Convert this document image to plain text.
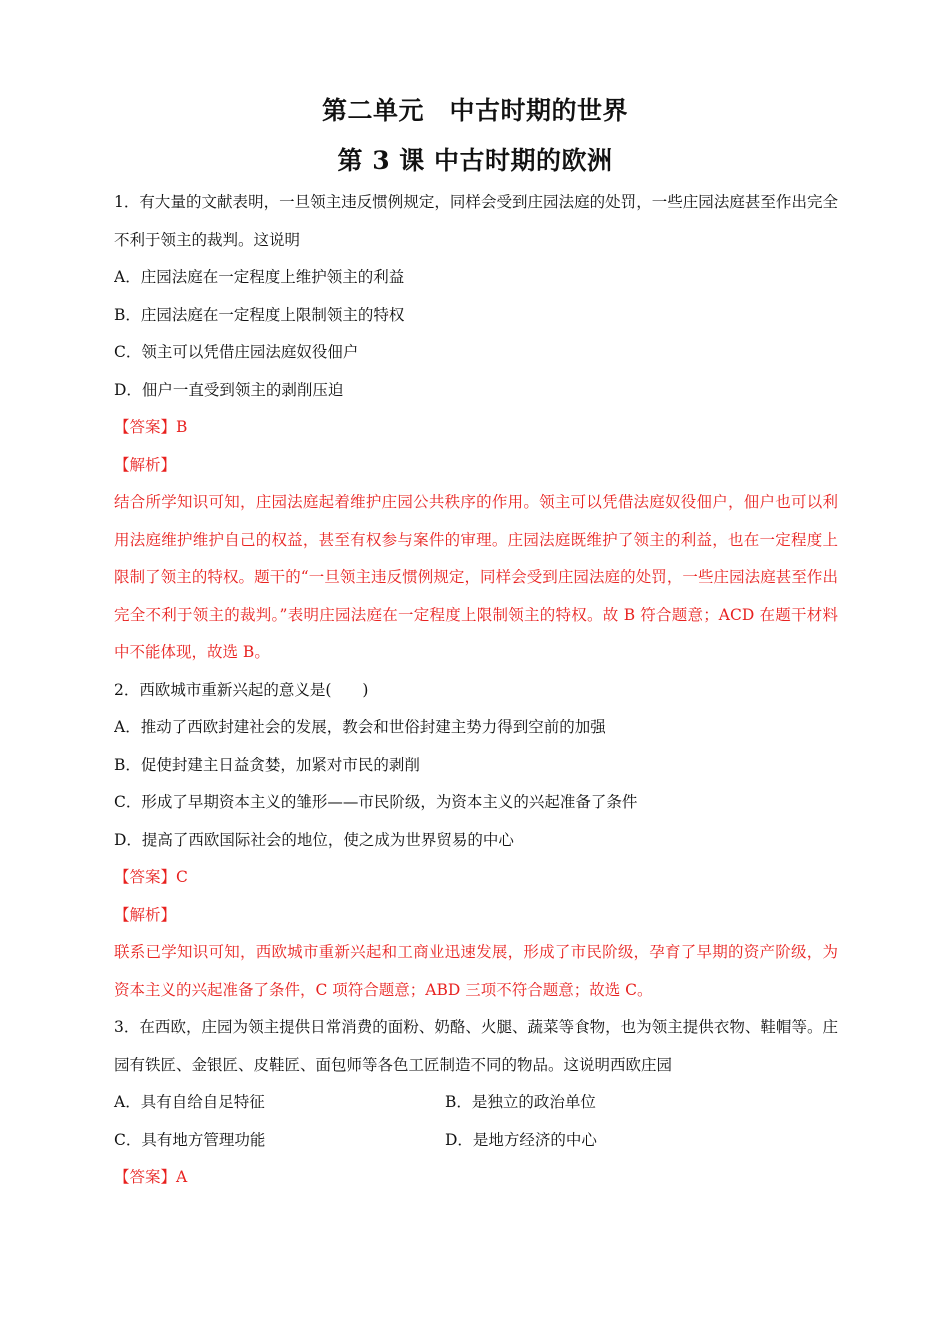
第二单元　中古时期的世界
第 3 课 中古时期的欧洲
1．有大量的文献表明，一旦领主违反惯例规定，同样会受到庄园法庭的处罚，一些庄园法庭甚至作出完全不利于领主的裁判。这说明
A．庄园法庭在一定程度上维护领主的利益
B．庄园法庭在一定程度上限制领主的特权
C．领主可以凭借庄园法庭奴役佃户
D．佃户一直受到领主的剥削压迫
【答案】B
【解析】
结合所学知识可知，庄园法庭起着维护庄园公共秩序的作用。领主可以凭借法庭奴役佃户，佃户也可以利用法庭维护维护自己的权益，甚至有权参与案件的审理。庄园法庭既维护了领主的利益，也在一定程度上限制了领主的特权。题干的“一旦领主违反惯例规定，同样会受到庄园法庭的处罚，一些庄园法庭甚至作出完全不利于领主的裁判。”表明庄园法庭在一定程度上限制领主的特权。故 B 符合题意；ACD 在题干材料中不能体现，故选 B。
2．西欧城市重新兴起的意义是(　　)
A．推动了西欧封建社会的发展，教会和世俗封建主势力得到空前的加强
B．促使封建主日益贪婪，加紧对市民的剥削
C．形成了早期资本主义的雏形——市民阶级，为资本主义的兴起准备了条件
D．提高了西欧国际社会的地位，使之成为世界贸易的中心
【答案】C
【解析】
联系已学知识可知，西欧城市重新兴起和工商业迅速发展，形成了市民阶级，孕育了早期的资产阶级，为资本主义的兴起准备了条件，C 项符合题意；ABD 三项不符合题意；故选 C。
3．在西欧，庄园为领主提供日常消费的面粉、奶酪、火腿、蔬菜等食物，也为领主提供衣物、鞋帽等。庄园有铁匠、金银匠、皮鞋匠、面包师等各色工匠制造不同的物品。这说明西欧庄园
A．具有自给自足特征	B．是独立的政治单位
C．具有地方管理功能	D．是地方经济的中心
【答案】A
